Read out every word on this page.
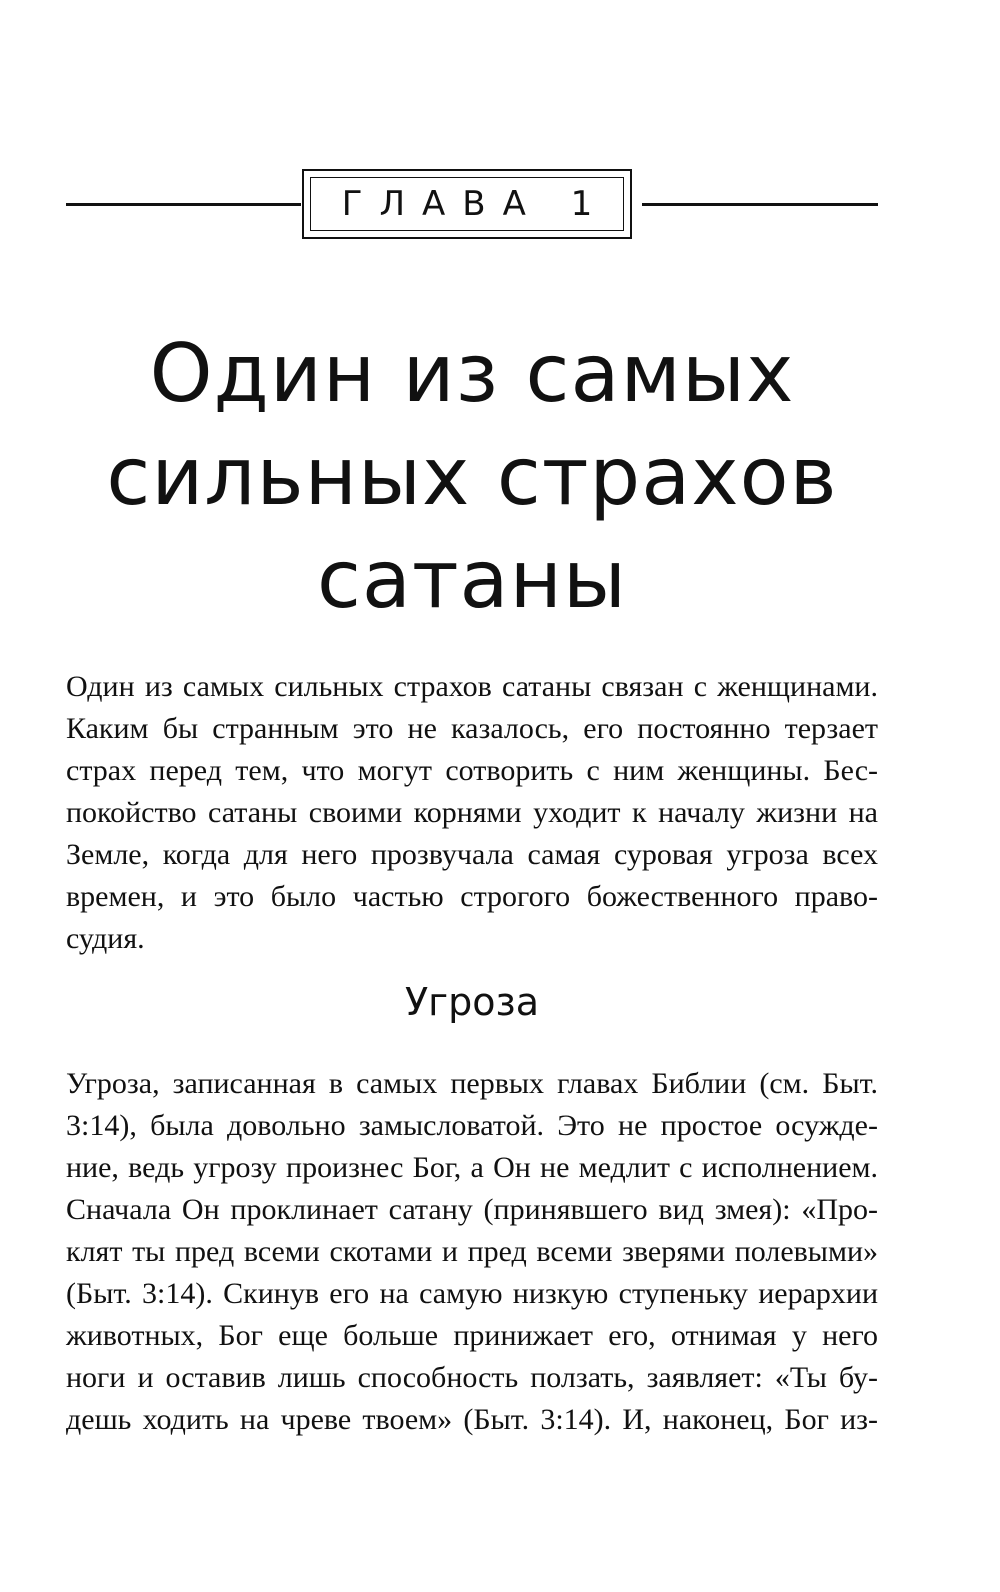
ГЛАВА 1
Один из самых
сильных страхов
сатаны

Один из самых сильных страхов сатаны связан с женщинами.
Каким бы странным это не казалось, его постоянно терзает
страх перед тем, что могут сотворить с ним женщины. Бес-
покойство сатаны своими корнями уходит к началу жизни на
Земле, когда для него прозвучала самая суровая угроза всех
времен, и это было частью строгого божественного право-
судия.

Угроза

Угроза, записанная в самых первых главах Библии (см. Быт.
3:14), была довольно замысловатой. Это не простое осужде-
ние, ведь угрозу произнес Бог, а Он не медлит с исполнением.
Сначала Он проклинает сатану (принявшего вид змея): «Про-
клят ты пред всеми скотами и пред всеми зверями полевыми»
(Быт. 3:14). Скинув его на самую низкую ступеньку иерархии
животных, Бог еще больше принижает его, отнимая у него
ноги и оставив лишь способность ползать, заявляет: «Ты бу-
дешь ходить на чреве твоем» (Быт. 3:14). И, наконец, Бог из-
